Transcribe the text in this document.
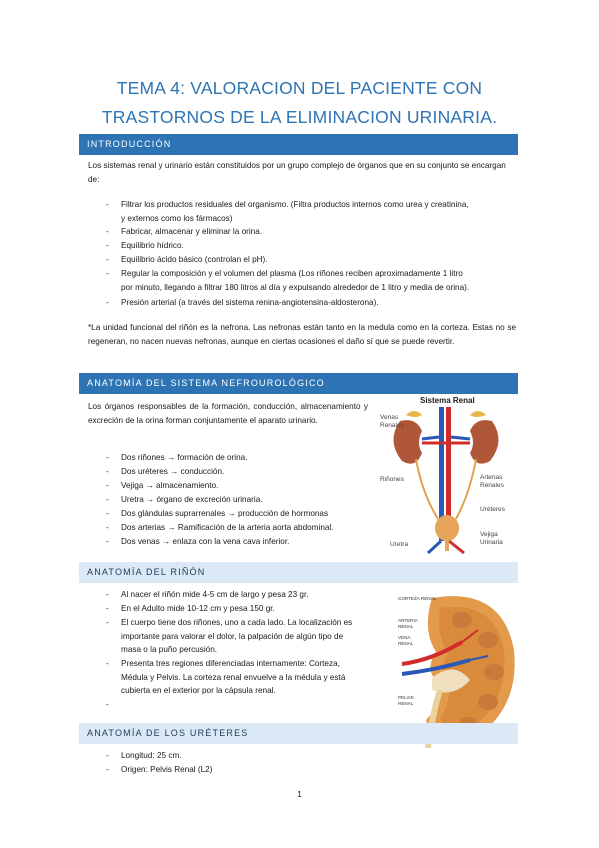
TEMA 4: VALORACION DEL PACIENTE CON
TRASTORNOS DE LA ELIMINACION URINARIA.
INTRODUCCIÓN
Los sistemas renal y urinario están constituidos por un grupo complejo de órganos que en su conjunto se encargan de:
- Filtrar los productos residuales del organismo. (Filtra productos internos como urea y creatinina,
y externos como los fármacos)
- Fabricar, almacenar y eliminar la orina.
- Equilibrio hídrico.
- Equilibrio ácido básico (controlan el pH).
- Regular la composición y el volumen del plasma (Los riñones reciben aproximadamente 1 litro
por minuto, llegando a filtrar 180 litros al día y expulsando alrededor de 1 litro y media de orina).
- Presión arterial (a través del sistema renina-angiotensina-aldosterona).
*La unidad funcional del riñón es la nefrona. Las nefronas están tanto en la medula como en la corteza. Estas no se regeneran, no nacen nuevas nefronas, aunque en ciertas ocasiones el daño sí que se puede revertir.
ANATOMÍA DEL SISTEMA NEFROUROLÓGICO
Los órganos responsables de la formación, conducción, almacenamiento y excreción de la orina forman conjuntamente el aparato urinario.
- Dos riñones → formación de orina.
- Dos uréteres → conducción.
- Vejiga → almacenamiento.
- Uretra → órgano de excreción urinaria.
- Dos glándulas suprarrenales → producción de hormonas
- Dos arterias → Ramificación de la arteria aorta abdominal.
- Dos venas → enlaza con la vena cava inferior.
Sistema Renal
Venas
Renales
Riñones
Uretra
Arterias
Renales
Uréteres
Vejiga
Urinaria
ANATOMÍA DEL RIÑÓN
- Al nacer el riñón mide 4-5 cm de largo y pesa 23 gr.
- En el Adulto mide 10-12 cm y pesa 150 gr.
- El cuerpo tiene dos riñones, uno a cada lado. La localización es
importante para valorar el dolor, la palpación de algún tipo de
masa o la puño percusión.
- Presenta tres regiones diferenciadas internamente: Corteza,
Médula y Pelvis. La corteza renal envuelve a la médula y está
cubierta en el exterior por la cápsula renal.
-
CORTEZA RENAL
ARTERIA
RENAL
VENA
RENAL
PELVIS
RENAL
ANATOMÍA DE LOS URÉTERES
- Longitud: 25 cm.
- Origen: Pelvis Renal (L2)
1
